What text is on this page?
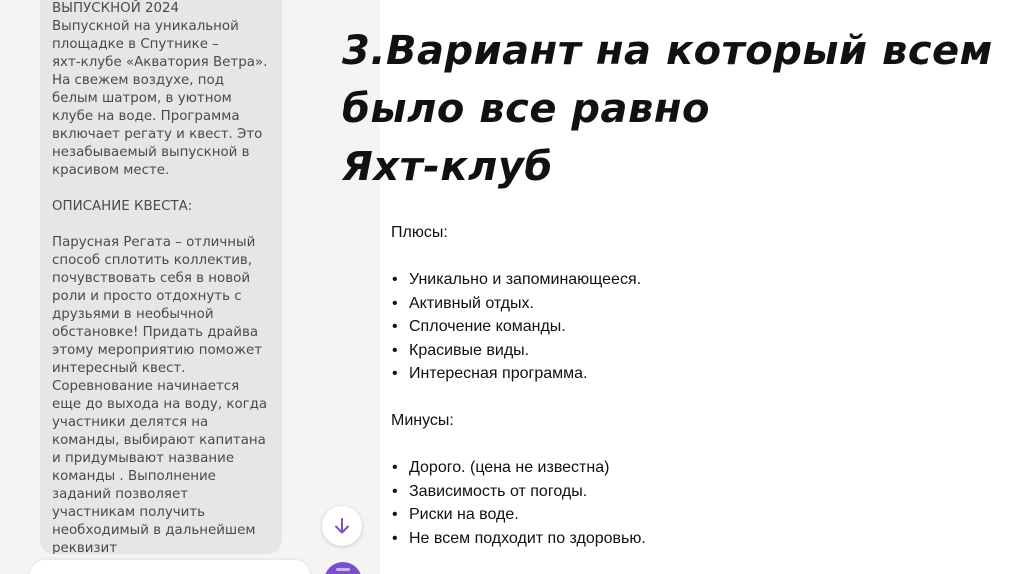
ВЫПУСКНОЙ 2024

Выпускной на уникальной

площадке в Спутнике –

яхт-клубе «Акватория Ветра».

На свежем воздухе, под

белым шатром, в уютном

клубе на воде. Программа

включает регату и квест. Это

незабываемый выпускной в

красивом месте.

ОПИСАНИЕ КВЕСТА:

Парусная Регата – отличный

способ сплотить коллектив,

почувствовать себя в новой

роли и просто отдохнуть с

друзьями в необычной

обстановке! Придать драйва

этому мероприятию поможет

интересный квест.

Соревнование начинается

еще до выхода на воду, когда

участники делятся на

команды, выбирают капитана

и придумывают название

команды . Выполнение

заданий позволяет

участникам получить

необходимый в дальнейшем

реквизит

3.Вариант на который всем
было все равно
Яхт-клуб

Плюсы:

• Уникально и запоминающееся.
• Активный отдых.
• Сплочение команды.
• Красивые виды.
• Интересная программа.

Минусы:

• Дорого. (цена не известна)
• Зависимость от погоды.
• Риски на воде.
• Не всем подходит по здоровью.
